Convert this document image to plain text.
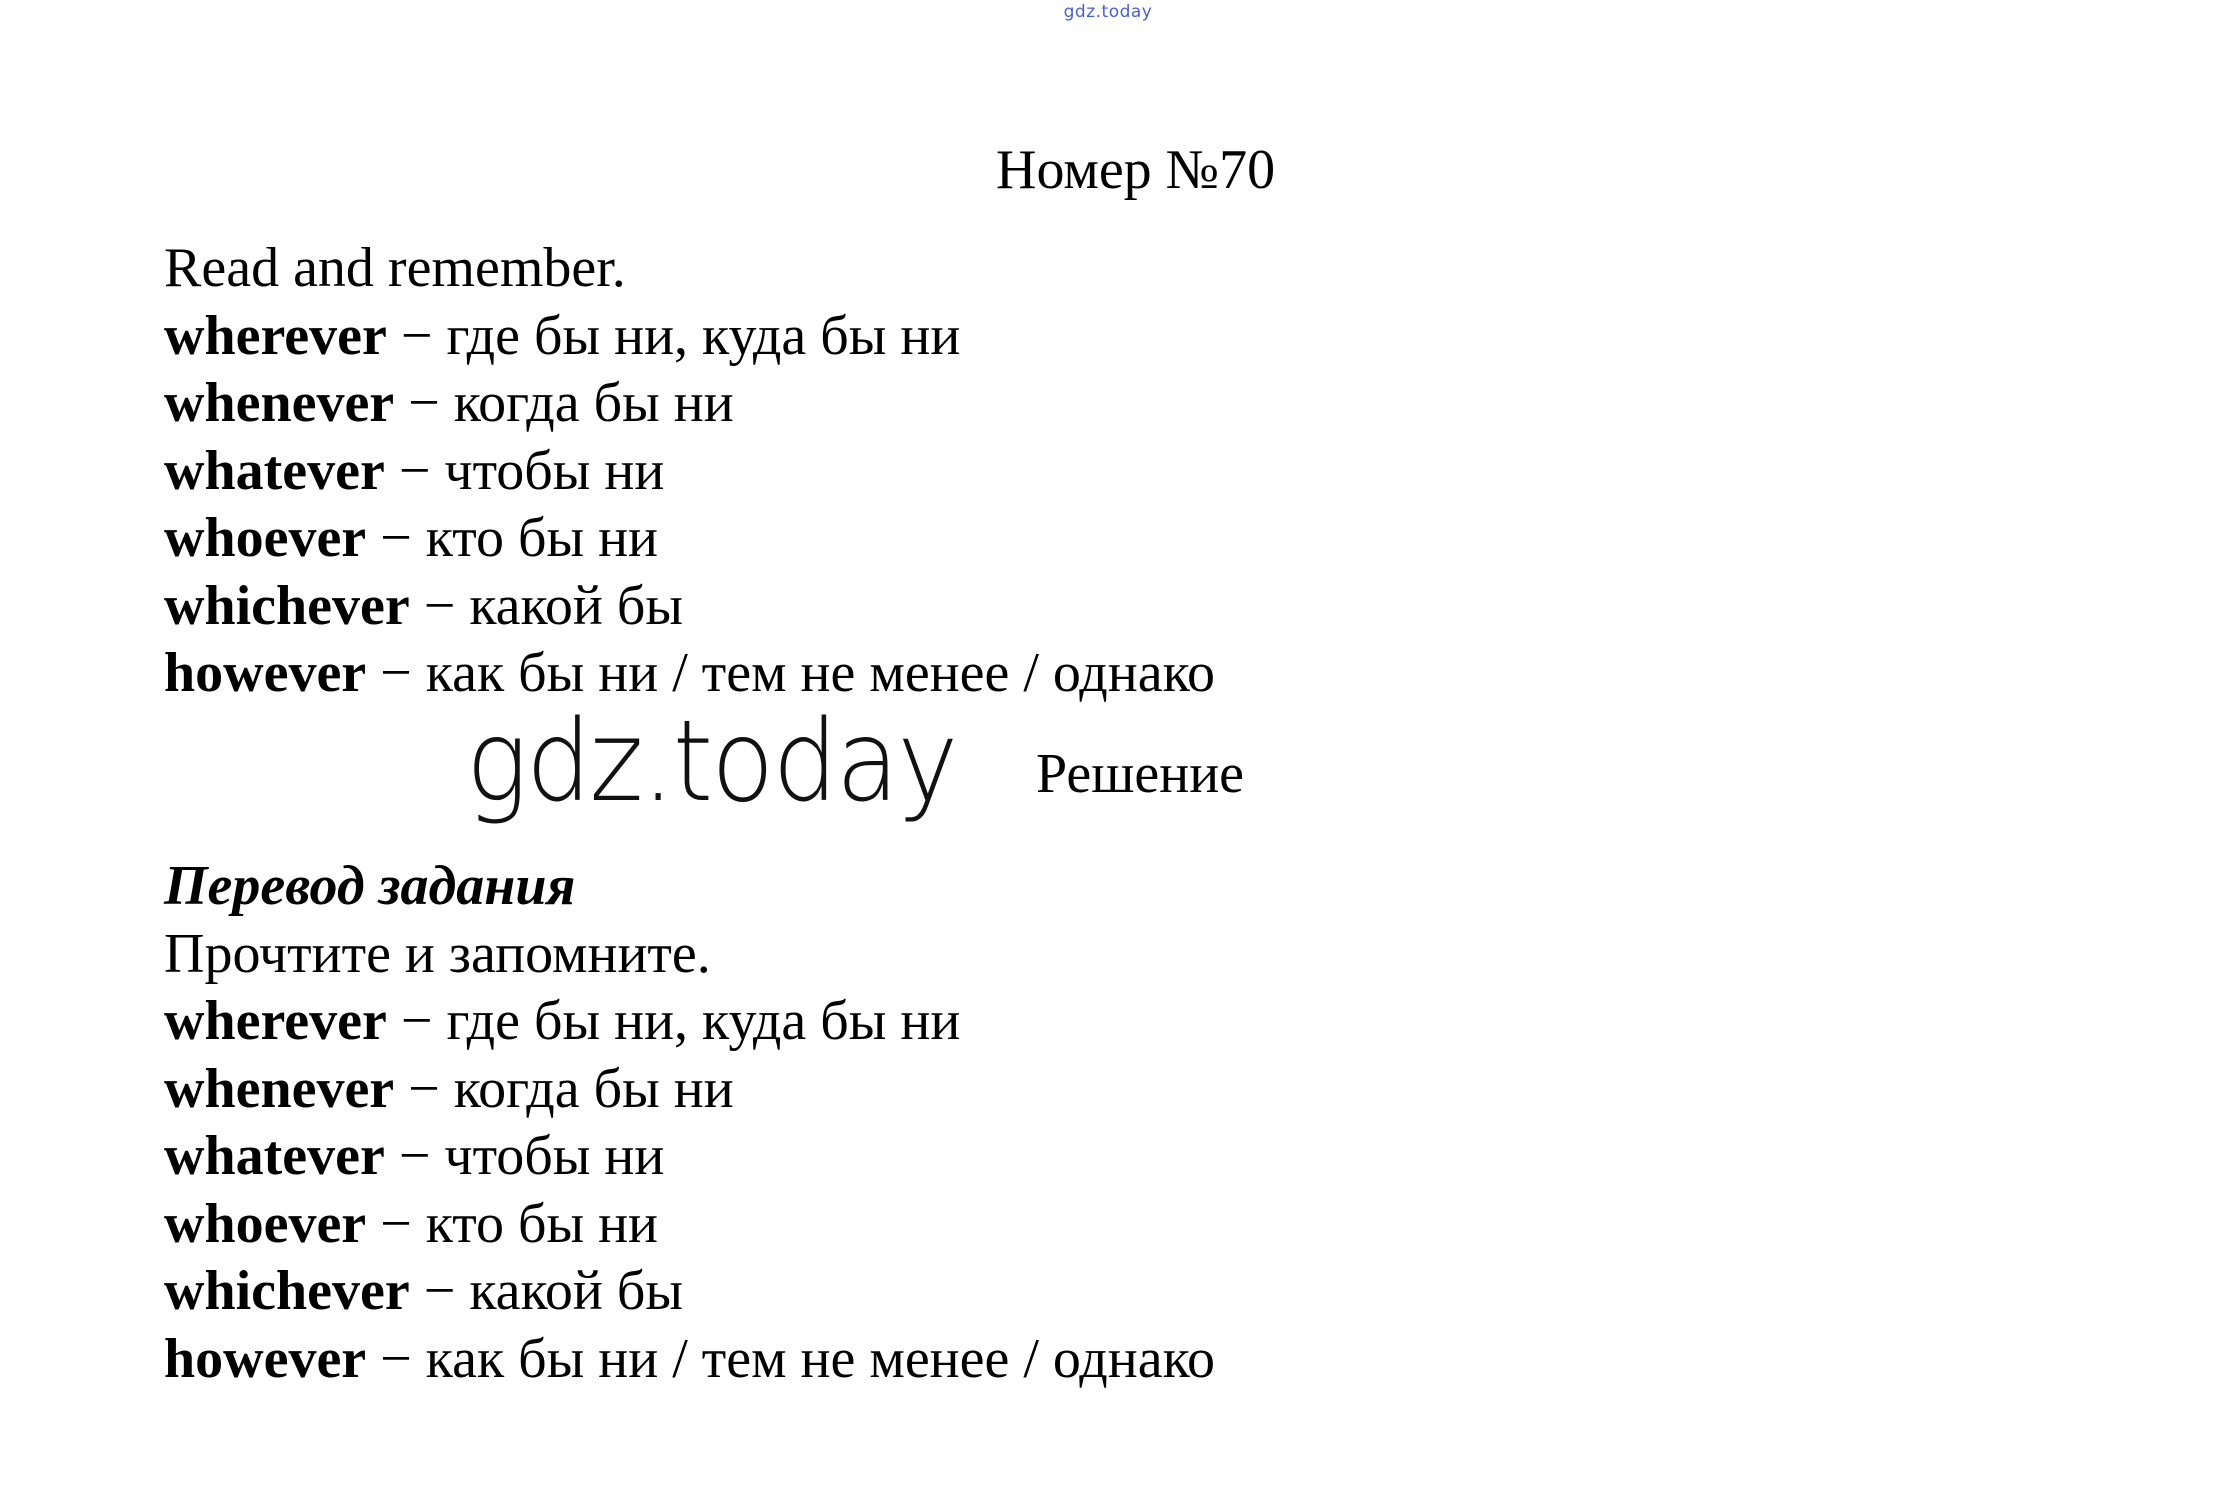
gdz.today
Номер №70
Read and remember.
wherever − где бы ни, куда бы ни
whenever − когда бы ни
whatever − чтобы ни
whoever − кто бы ни
whichever − какой бы
however − как бы ни / тем не менее / однако
gdz.today Решение
Перевод задания
Прочтите и запомните.
wherever − где бы ни, куда бы ни
whenever − когда бы ни
whatever − чтобы ни
whoever − кто бы ни
whichever − какой бы
however − как бы ни / тем не менее / однако
